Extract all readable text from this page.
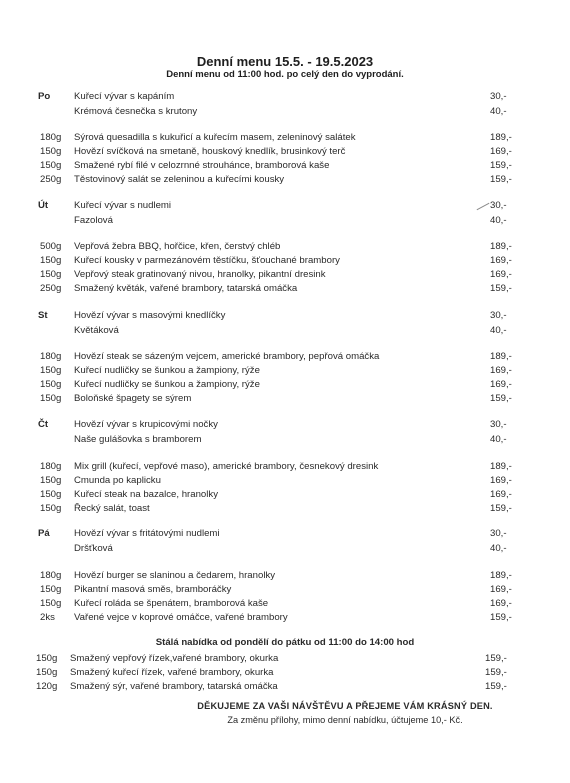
Denní menu 15.5. - 19.5.2023
Denní menu od 11:00 hod. po celý den do vyprodání.
Po Kuřecí vývar s kapáním	30,-
Krémová česnečka s krutony	40,-
180g Sýrová quesadilla s kukuřicí a kuřecím masem, zeleninový salátek	189,-
150g Hovězí svíčková na smetaně, houskový knedlík, brusinkový terč	169,-
150g Smažené rybí filé v celozrnné strouhánce, bramborová kaše	159,-
250g Těstovinový salát se zeleninou a kuřecími kousky	159,-
Út	Kuřecí vývar s nudlemi	30,-
Fazolová	40,-
500g Vepřová žebra BBQ, hořčice, křen, čerstvý chléb	189,-
150g Kuřecí kousky v parmezánovém těstíčku, šťouchané brambory	169,-
150g Vepřový steak gratinovaný nivou, hranolky, pikantní dresink	169,-
250g Smažený květák, vařené brambory, tatarská omáčka	159,-
St	Hovězí vývar s masovými knedlíčky	30,-
Květáková	40,-
180g Hovězí steak se sázeným vejcem, americké brambory, pepřová omáčka	189,-
150g Kuřecí nudličky se šunkou a žampiony, rýže	169,-
150g Kuřecí nudličky se šunkou a žampiony, rýže	169,-
150g Boloňské špagety se sýrem	159,-
Čt	Hovězí vývar s krupicovými nočky	30,-
Naše gulášovka s bramborem	40,-
180g Mix grill (kuřecí, vepřové maso), americké brambory, česnekový dresink	189,-
150g Cmunda po kaplicku	169,-
150g Kuřecí steak na bazalce, hranolky	169,-
150g Řecký salát, toast	159,-
Pá	Hovězí vývar s fritátovými nudlemi	30,-
Dršťková	40,-
180g Hovězí burger se slaninou a čedarem, hranolky	189,-
150g Pikantní masová směs, bramboráčky	169,-
150g Kuřecí roláda se špenátem, bramborová kaše	169,-
2ks Vařené vejce v koprové omáčce, vařené brambory	159,-
Stálá nabídka od pondělí do pátku od 11:00 do 14:00 hod
150g Smažený vepřový řízek,vařené brambory, okurka	159,-
150g Smažený kuřecí řízek, vařené brambory, okurka	159,-
120g Smažený sýr, vařené brambory, tatarská omáčka	159,-
DĚKUJEME ZA VAŠI NÁVŠTĚVU A PŘEJEME VÁM KRÁSNÝ DEN.
Za změnu přílohy, mimo denní nabídku, účtujeme 10,- Kč.
